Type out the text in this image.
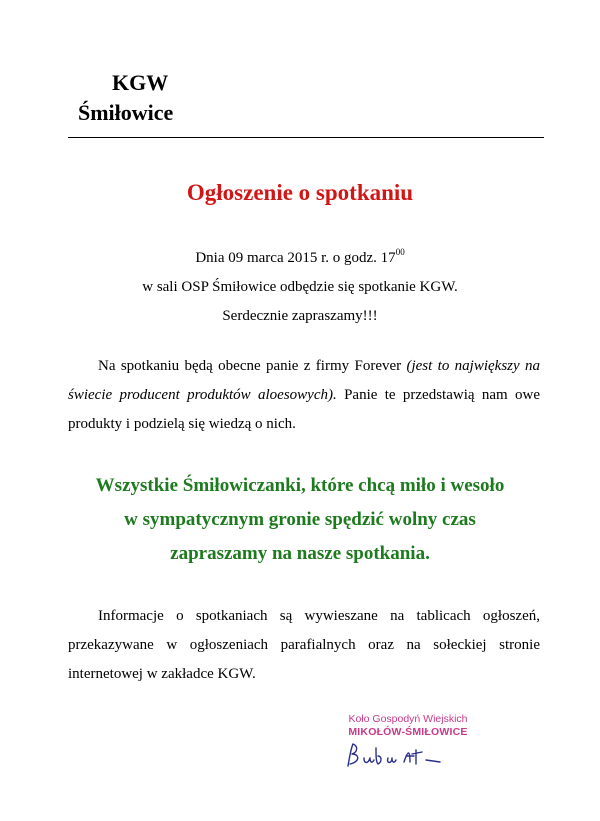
KGW
Śmiłowice
Ogłoszenie o spotkaniu
Dnia 09 marca 2015 r. o godz. $17^{00}$
w sali OSP Śmiłowice odbędzie się spotkanie KGW.
Serdecznie zapraszamy!!!
Na spotkaniu będą obecne panie z firmy Forever (jest to największy na świecie producent produktów aloesowych). Panie te przedstawią nam owe produkty i podzielą się wiedzą o nich.
Wszystkie Śmiłowiczanki, które chcą miło i wesoło
w sympatycznym gronie spędzić wolny czas
zapraszamy na nasze spotkania.
Informacje o spotkaniach są wywieszane na tablicach ogłoszeń, przekazywane w ogłoszeniach parafialnych oraz na sołeckiej stronie internetowej w zakładce KGW.
Koło Gospodyń Wiejskich
MIKOŁÓW-ŚMIŁOWICE
